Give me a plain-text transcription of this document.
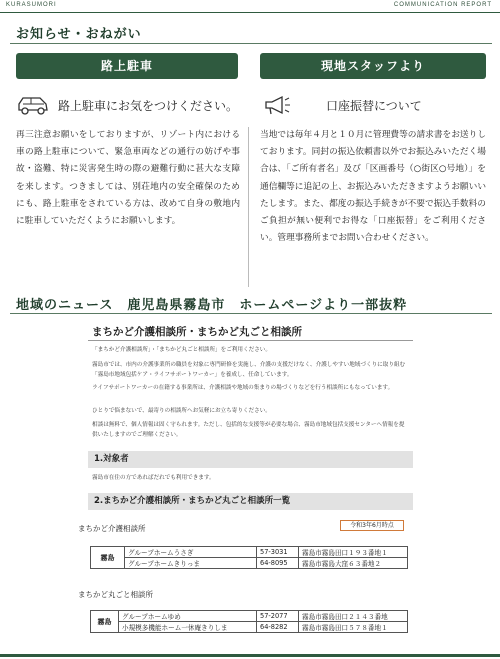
KURASUMORI	COMMUNICATION REPORT
お知らせ・おねがい
路上駐車	現地スタッフより
路上駐車にお気をつけください。	口座振替について
再三注意お願いをしておりますが、リゾート内における車の路上駐車について、緊急車両などの通行の妨げや事故・盗難、特に災害発生時の際の避難行動に甚大な支障を来します。つきましては、別荘地内の安全確保のためにも、路上駐車をされている方は、改めて自身の敷地内に駐車していただくようにお願いします。
当地では毎年４月と１０月に管理費等の請求書をお送りしております。同封の振込依頼書以外でお振込みいただく場合は、「ご所有者名」及び「区画番号（○街区○号地）」を通信欄等に追記の上、お振込みいただきますようお願いいたします。また、都度の振込手続きが不要で振込手数料のご負担が無い便利でお得な「口座振替」をご利用ください。管理事務所までお問い合わせください。
地域のニュース　鹿児島県霧島市　ホームページより一部抜粋
まちかど介護相談所・まちかど丸ごと相談所
「まちかど介護相談所」・「まちかど丸ごと相談所」をご利用ください。
霧島市では、市内の介護事業所の職員を対象に専門研修を実施し、介護の支援だけなく、介護しやすい地域づくりに取り組む「霧島市地域包括ケア・ライフサポートワーカー」を養成し、任命しています。
ライフサポートワーカーの在籍する事業所は、介護相談や地域の集まりの場づくりなどを行う相談所にもなっています。
ひとりで悩まないで、最寄りの相談所へお気軽にお立ち寄りください。
相談は無料で、個人情報は固く守られます。ただし、包括的な支援等が必要な場合、霧島市地域包括支援センターへ情報を提供いたしますのでご理解ください。
1.対象者
霧島市在住の方であればだれでも利用できます。
2.まちかど介護相談所・まちかど丸ごと相談所一覧
まちかど介護相談所	令和3年6月時点
霧島	グループホームうさぎ	57-3031	霧島市霧島田口１９３番地１
	グループホームきりっま	64-8095	霧島市霧島大窪６３番地２
まちかど丸ごと相談所
霧島	グループホームゆめ	57-2077	霧島市霧島田口２１４３番地
	小規模多機能ホーム一休庵きりしま	64-8282	霧島市霧島田口５７８番地１
